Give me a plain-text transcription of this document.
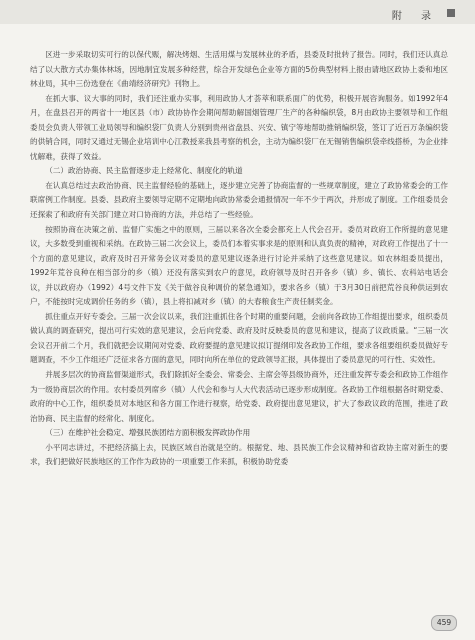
附 录

区进一步采取切实可行的以保代赈，解决烤烟、生活用煤与发展林业的矛盾，县委及时批转了报告。同时，我们还认真总结了以大散方式办集体林场，因地制宜发展多种经营，综合开发绿色企业等方面的5份典型材料上报由请地区政协上委和地区林业局，其中三份选登在《曲靖经济研究》刊物上。

在抓大事、议大事的同时，我们还注重办实事，利用政协人才荟萃和联系面广的优势，积极开展咨询服务。如1992年4月，在盘县召开的两省十一地区县（市）政协协作会期间帮助解国烟管理厂生产的各种编织袋，8月由政协主要领导和工作组委员会负责人带领工业局领导和编织袋厂负责人分别到贵州省盘县、兴安、镇宁等地帮助推销编织袋，签订了近百万条编织袋的供销合同，同时又通过无锡企业培训中心江教授来我县考察的机会，主动为编织袋厂在无锡销售编织袋牵线搭桥，为企业排忧解难，获得了效益。

（二）政治协商、民主监督逐步走上经常化、制度化的轨道

在认真总结过去政治协商、民主监督经验的基础上，逐步建立完善了协商监督的一些规章制度，建立了政协常委会的工作联席例工作制度。县委、县政府主要领导定期不定期地向政协常委会通报情况一年不少于两次，并形成了制度。工作组委员会还探索了和政府有关部门建立对口协商的方法，并总结了一些经验。

按照协商在决策之前、监督广实施之中的原则，三届以来各次全委会都充上人代会召开。委员对政府工作所提的意见建议，大多数受到重视和采纳。在政协三届二次会议上，委员们本着实事求是的原则和认真负责的精神，对政府工作提出了十一个方面的意见建议，政府及时召开常务会议对委员的意见建议逐条进行讨论并采纳了这些意见建议。如农林组委员提出，1992年荒谷良种在相当部分的乡（镇）还没有落实到农户的意见，政府领导及时召开各乡（镇）乡、镇长、农科站电话会议，并以政府办（1992）4号文件下发《关于做谷良种调价的紧急通知》，要求各乡（镇）于3月30日前把荒谷良种供运到农户，不能按时完成调价任务的乡（镇），县上将扣减对乡（镇）的大春粮食生产责任制奖金。

抓住重点开好专委会。三届一次会议以来，我们注重抓住各个时期的重要问题，会前向各政协工作组提出要求，组织委员做认真的调查研究，提出可行实效的意见建议，会后向党委、政府及时反映委员的意见和建议，提高了议政质量。“三届一次会议召开前二个月，我们就把会议期间对党委、政府要提的意见建议拟订提纲印发各政协工作组，要求各组要组织委员做好专题调查，不少工作组还广泛征求各方面的意见，同时向所在单位的党政领导汇报，具体提出了委员意见的可行性、实效性。

并展多层次的协商监督渠道形式，我们除抓好全委会、常委会、主席会等县级协商外，还注重发挥专委会和政协工作组作为一级协商层次的作用。农村委员列席乡（镇）人代会和参与人大代表活动已逐步形成制度。各政协工作组根据各时期党委、政府的中心工作，组织委员对本地区和各方面工作进行视察，给党委、政府提出意见建议，扩大了参政议政的范围，推进了政治协商、民主监督的经常化、制度化。

（三）在维护社会稳定、增强民族团结方面积极发挥政协作用

小平同志讲过，不把经济搞上去，民族区域自治就是空的。根据党、地、县民族工作会议精神和省政协主席对新生的要求，我们把做好民族地区的工作作为政协的一项重要工作来抓，积极协助党委

459
